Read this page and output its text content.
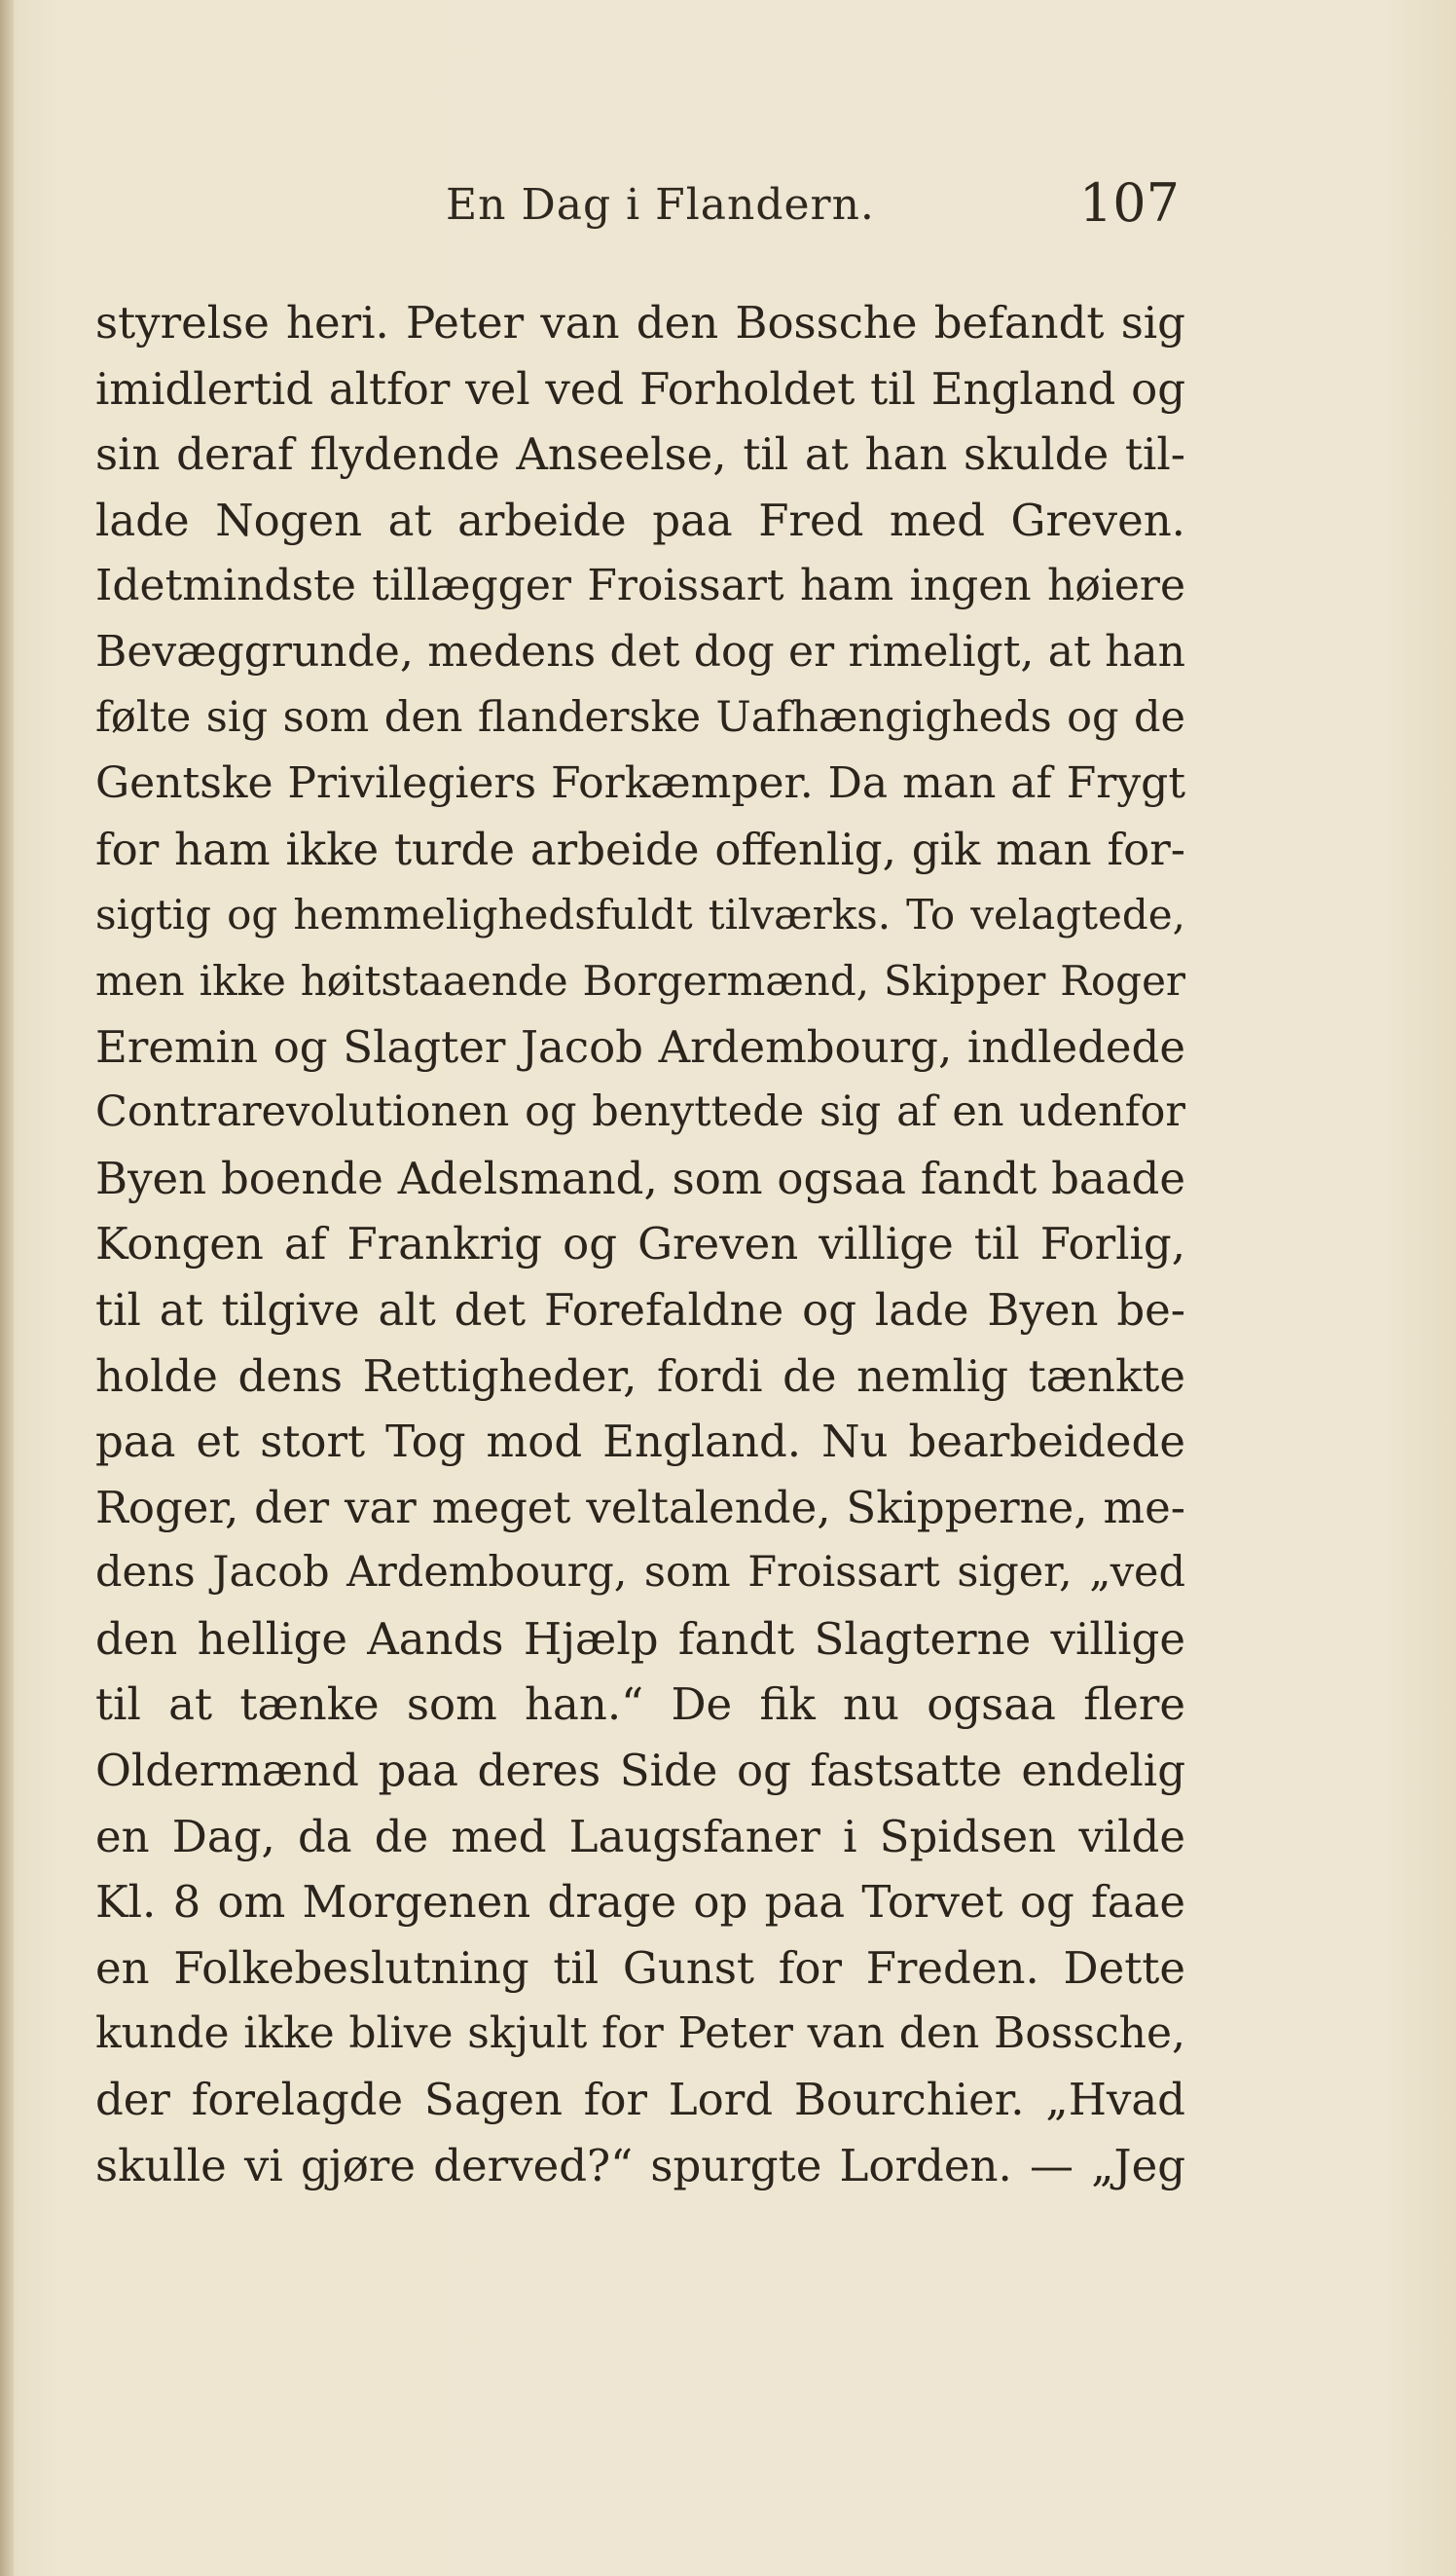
En Dag i Flandern.	107
styrelse heri. Peter van den Bossche befandt sig
imidlertid altfor vel ved Forholdet til England og
sin deraf flydende Anseelse, til at han skulde til-
lade Nogen at arbeide paa Fred med Greven.
Idetmindste tillægger Froissart ham ingen høiere
Bevæggrunde, medens det dog er rimeligt, at han
følte sig som den flanderske Uafhængigheds og de
Gentske Privilegiers Forkæmper. Da man af Frygt
for ham ikke turde arbeide offenlig, gik man for-
sigtig og hemmelighedsfuldt tilværks. To velagtede,
men ikke høitstaaende Borgermænd, Skipper Roger
Eremin og Slagter Jacob Ardembourg, indledede
Contrarevolutionen og benyttede sig af en udenfor
Byen boende Adelsmand, som ogsaa fandt baade
Kongen af Frankrig og Greven villige til Forlig,
til at tilgive alt det Forefaldne og lade Byen be-
holde dens Rettigheder, fordi de nemlig tænkte
paa et stort Tog mod England. Nu bearbeidede
Roger, der var meget veltalende, Skipperne, me-
dens Jacob Ardembourg, som Froissart siger, „ved
den hellige Aands Hjælp fandt Slagterne villige
til at tænke som han.“ De fik nu ogsaa flere
Oldermænd paa deres Side og fastsatte endelig
en Dag, da de med Laugsfaner i Spidsen vilde
Kl. 8 om Morgenen drage op paa Torvet og faae
en Folkebeslutning til Gunst for Freden. Dette
kunde ikke blive skjult for Peter van den Bossche,
der forelagde Sagen for Lord Bourchier. „Hvad
skulle vi gjøre derved?“ spurgte Lorden. — „Jeg
